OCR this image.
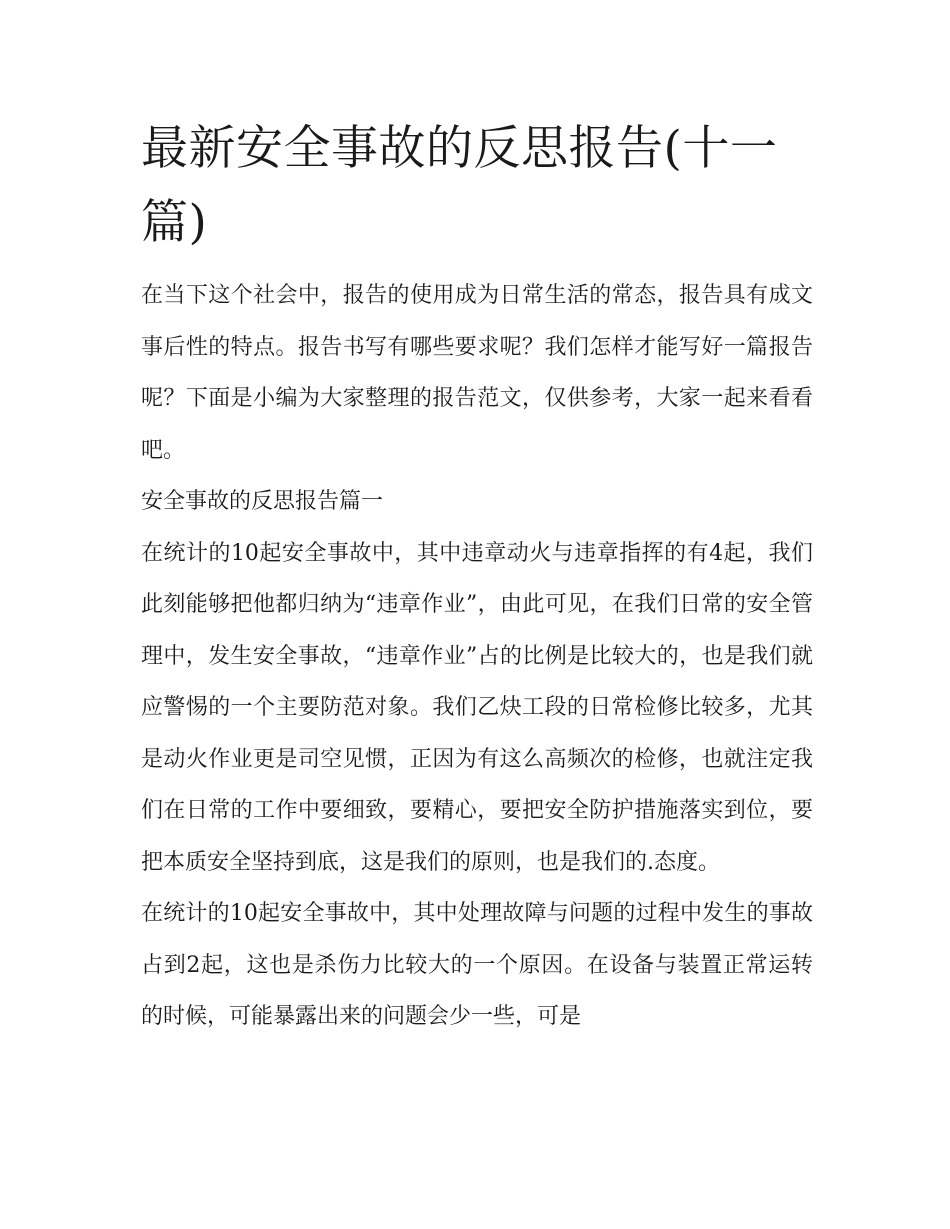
最新安全事故的反思报告(十一篇)

在当下这个社会中，报告的使用成为日常生活的常态，报告具有成文事后性的特点。报告书写有哪些要求呢？我们怎样才能写好一篇报告呢？下面是小编为大家整理的报告范文，仅供参考，大家一起来看看吧。

安全事故的反思报告篇一

在统计的10起安全事故中，其中违章动火与违章指挥的有4起，我们此刻能够把他都归纳为“违章作业”，由此可见，在我们日常的安全管理中，发生安全事故，“违章作业”占的比例是比较大的，也是我们就应警惕的一个主要防范对象。我们乙炔工段的日常检修比较多，尤其是动火作业更是司空见惯，正因为有这么高频次的检修，也就注定我们在日常的工作中要细致，要精心，要把安全防护措施落实到位，要把本质安全坚持到底，这是我们的原则，也是我们的.态度。

在统计的10起安全事故中，其中处理故障与问题的过程中发生的事故占到2起，这也是杀伤力比较大的一个原因。在设备与装置正常运转的时候，可能暴露出来的问题会少一些，可是
